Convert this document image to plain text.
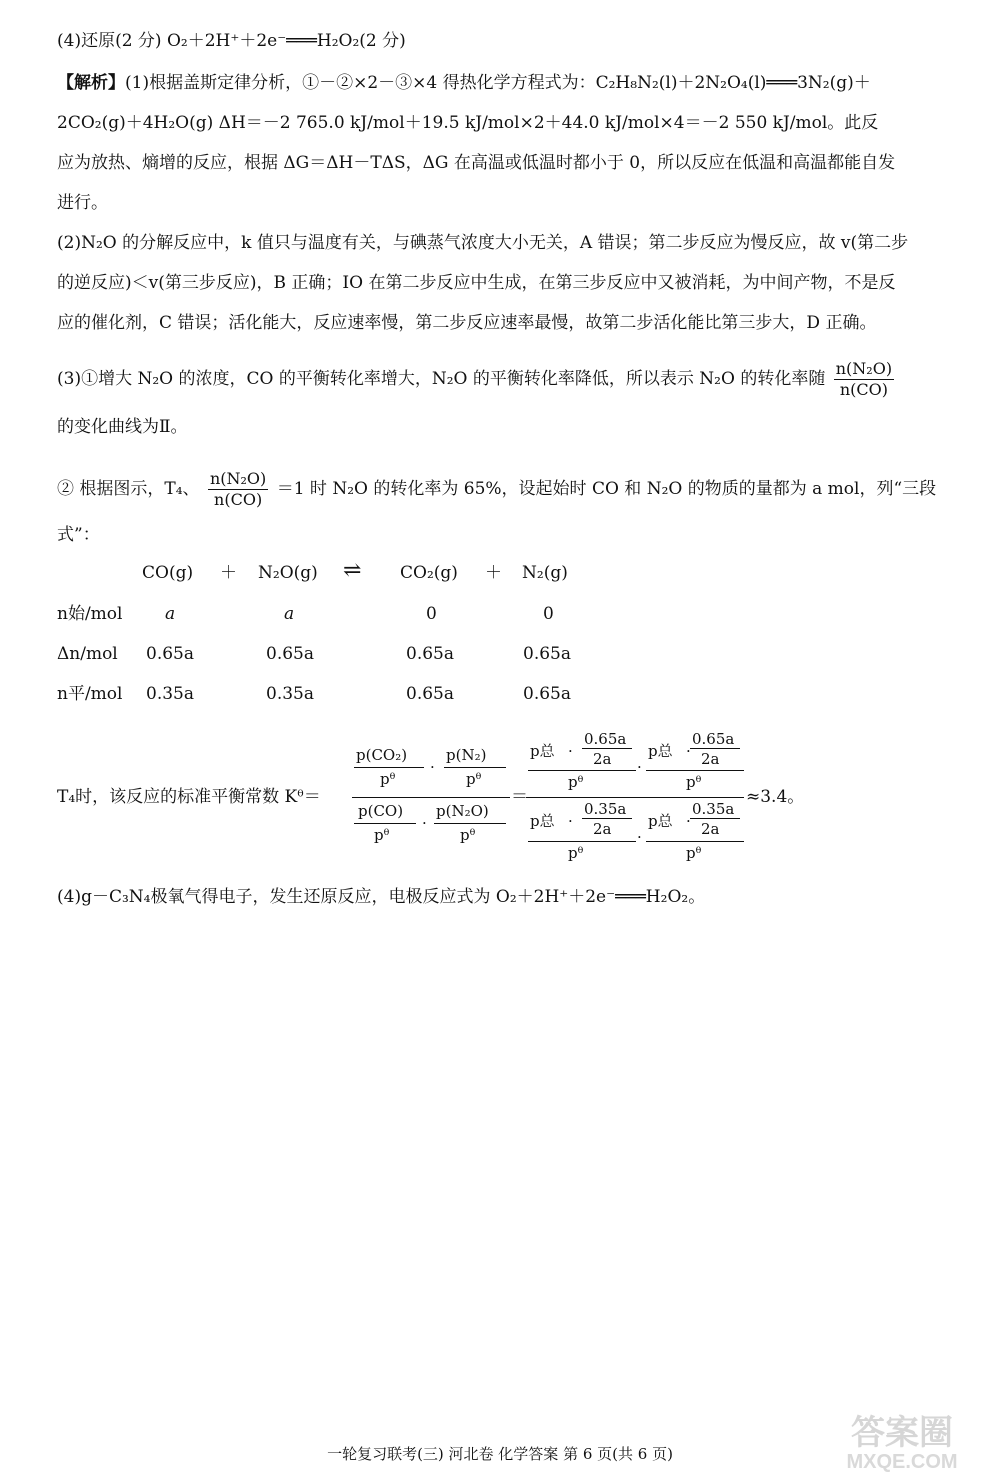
(4)还原(2 分) O₂＋2H⁺＋2e⁻═══H₂O₂(2 分)
【解析】(1)根据盖斯定律分析，①－②×2－③×4 得热化学方程式为：C₂H₈N₂(l)＋2N₂O₄(l)═══3N₂(g)＋
2CO₂(g)＋4H₂O(g) ΔH＝－2 765.0 kJ/mol＋19.5 kJ/mol×2＋44.0 kJ/mol×4＝－2 550 kJ/mol。此反
应为放热、熵增的反应，根据 ΔG＝ΔH－TΔS，ΔG 在高温或低温时都小于 0，所以反应在低温和高温都能自发
进行。
(2)N₂O 的分解反应中，k 值只与温度有关，与碘蒸气浓度大小无关，A 错误；第二步反应为慢反应，故 v(第二步
的逆反应)＜v(第三步反应)，B 正确；IO 在第二步反应中生成，在第三步反应中又被消耗，为中间产物，不是反
应的催化剂，C 错误；活化能大，反应速率慢，第二步反应速率最慢，故第二步活化能比第三步大，D 正确。
(3)①增大 N₂O 的浓度，CO 的平衡转化率增大，N₂O 的平衡转化率降低，所以表示 N₂O 的转化率随 $\frac{\text{n(N₂O)}}{n(CO)}$
的变化曲线为Ⅱ。
② 根据图示，T₄、 $\frac{\text{n(N₂O)}}{n(CO)} =1$ 时 N₂O 的转化率为 65%，设起始时 CO 和 N₂O 的物质的量都为 a mol，列“三段
式”：
CO(g) ＋ N₂O(g) ⇌ CO₂(g) ＋ N₂(g)
n始/mol	a	a	0	0
Δn/mol 0.65a	0.65a	0.65a	0.65a
n平/mol 0.35a	0.35a	0.65a	0.65a
T₄时，该反应的标准平衡常数 Kᶿ＝
p(CO₂)
pᶿ
·
p(N₂)
pᶿ
p(CO)
pᶿ
·
p(N₂O)
pᶿ
＝
p总 ·
0.65a
2a
pᶿ
·
p总 ·
0.65a
2a
pᶿ
p总 ·
0.35a
2a
pᶿ
·
p总 ·
0.35a
2a
pᶿ
≈3.4。
(4)g－C₃N₄极氧气得电子，发生还原反应，电极反应式为 O₂＋2H⁺＋2e⁻═══H₂O₂。
一轮复习联考(三) 河北卷 化学答案 第 6 页(共 6 页)
答案圈
MXQE.COM
